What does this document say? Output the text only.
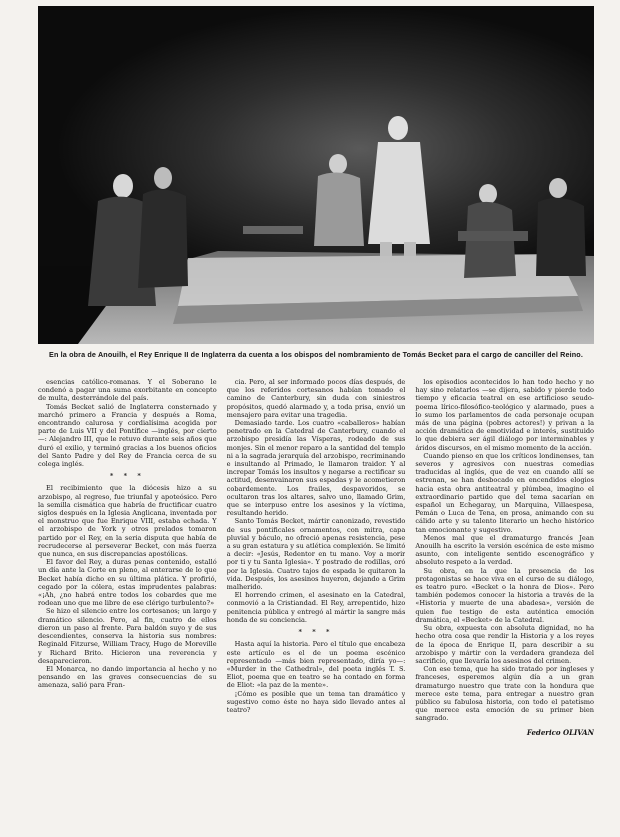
En la obra de Anouilh, el Rey Enrique II de Inglaterra da cuenta a los obispos del nombramiento de Tomás Becket para el cargo de canciller del Reino.

esencias católico-romanas. Y el Soberano le condenó a pagar una suma exorbitante en concepto de multa, desterrándole del país.

Tomás Becket salió de Inglaterra consternado y marchó primero a Francia y después a Roma, encontrando calurosa y cordialísima acogida por parte de Luis VII y del Pontífice —inglés, por cierto—: Alejandro III, que le retuvo durante seis años que duró el exilio, y terminó gracias a los buenos oficios del Santo Padre y del Rey de Francia cerca de su colega inglés.

* * *

El recibimiento que la diócesis hizo a su arzobispo, al regreso, fue triunfal y apoteósico. Pero la semilla cismática que habría de fructificar cuatro siglos después en la Iglesia Anglicana, inventada por el monstruo que fue Enrique VIII, estaba echada. Y el arzobispo de York y otros prelados tomaron partido por el Rey, en la seria disputa que había de recrudecerse al perseverar Becket, con más fuerza que nunca, en sus discrepancias apostólicas.

El favor del Rey, a duras penas contenido, estalló un día ante la Corte en pleno, al enterarse de lo que Becket había dicho en su última plática. Y profirió, cegado por la cólera, estas imprudentes palabras: «¡Ah, ¿no habrá entre todos los cobardes que me rodean uno que me libre de ese clérigo turbulento?»

Se hizo el silencio entre los cortesanos; un largo y dramático silencio. Pero, al fin, cuatro de ellos dieron un paso al frente. Para baldón suyo y de sus descendientes, conserva la historia sus nombres: Reginald Fitzurse, William Tracy, Hugo de Moreville y Richard Brito. Hicieron una reverencia y desaparecieron.

El Monarca, no dando importancia al hecho y no pensando en las graves consecuencias de su amenaza, salió para Fran-

cia. Pero, al ser informado pocos días después, de que los referidos cortesanos habían tomado el camino de Canterbury, sin duda con siniestros propósitos, quedó alarmado y, a toda prisa, envió un mensajero para evitar una tragedia.

Demasiado tarde. Los cuatro «caballeros» habían penetrado en la Catedral de Canterbury, cuando el arzobispo presidía las Vísperas, rodeado de sus monjes. Sin el menor reparo a la santidad del templo ni a la sagrada jerarquía del arzobispo, recriminando e insultando al Primado, le llamaron traidor. Y al increpar Tomás los insultos y negarse a rectificar su actitud, desenvainaron sus espadas y le acometieron cobardemente. Los frailes, despavoridos, se ocultaron tras los altares, salvo uno, llamado Grim, que se interpuso entre los asesinos y la víctima, resultando herido.

Santo Tomás Becket, mártir canonizado, revestido de sus pontificales ornamentos, con mitra, capa pluvial y báculo, no ofreció apenas resistencia, pese a su gran estatura y su atlética complexión. Se limitó a decir: «Jesús, Redentor en tu mano. Voy a morir por ti y tu Santa Iglesia». Y postrado de rodillas, oró por la Iglesia. Cuatro tajos de espada le quitaron la vida. Después, los asesinos huyeron, dejando a Grim malherido.

El horrendo crimen, el asesinato en la Catedral, conmovió a la Cristiandad. El Rey, arrepentido, hizo penitencia pública y entregó al mártir la sangre más honda de su conciencia.

* * *

Hasta aquí la historia. Pero el título que encabeza este artículo es el de un poema escénico representado —más bien representado, diría yo—: «Murder in the Cathedral», del poeta inglés T. S. Eliot, poema que en teatro se ha contado en forma de Eliot: «la paz de la mente».

¡Cómo es posible que un tema tan dramático y sugestivo como éste no haya sido llevado antes al teatro?

los episodios acontecidos lo han todo hecho y no hay sino relatarlos —se dijera, sabido y pierde todo tiempo y eficacia teatral en ese artificioso seudo-poema lírico-filosófico-teológico y alarmado, pues a lo sumo los parlamentos de cada personaje ocupan más de una página (pobres actores!) y privan a la acción dramática de emotividad e interés, sustituido lo que debiera ser ágil diálogo por interminables y áridos discursos, en el mismo momento de la acción.

Cuando pienso en que los críticos londinenses, tan severos y agresivos con nuestras comedias traducidas al inglés, que de vez en cuando allí se estrenan, se han desbocado en encendidos elogios hacia esta obra antiteatral y plúmbea, imagino el extraordinario partido que del tema sacarían en español un Echegaray, un Marquina, Villaespesa, Pemán o Luca de Tena, en prosa, animando con su cálido arte y su talento literario un hecho histórico tan emocionante y sugestivo.

Menos mal que el dramaturgo francés Jean Anouilh ha escrito la versión escénica de este mismo asunto, con inteligente sentido escenográfico y absoluto respeto a la verdad.

Su obra, en la que la presencia de los protagonistas se hace viva en el curso de su diálogo, es teatro puro. «Becket o la honra de Dios». Pero también podemos conocer la historia a través de la «Historia y muerte de una abadesa», versión de quien fue testigo de esta auténtica emoción dramática, el «Becket» de la Catedral.

Su obra, expuesta con absoluta dignidad, no ha hecho otra cosa que rendir la Historia y a los reyes de la época de Enrique II, para describir a su arzobispo y mártir con la verdadera grandeza del sacrificio, que llevaría los asesinos del crimen.

Con ese tema, que ha sido tratado por ingleses y franceses, esperemos algún día a un gran dramaturgo nuestro que trate con la hondura que merece este tema, para entregar a nuestro gran público su fabulosa historia, con todo el patetismo que merece esta emoción de su primer bien sangrado.

Federico OLIVAN
